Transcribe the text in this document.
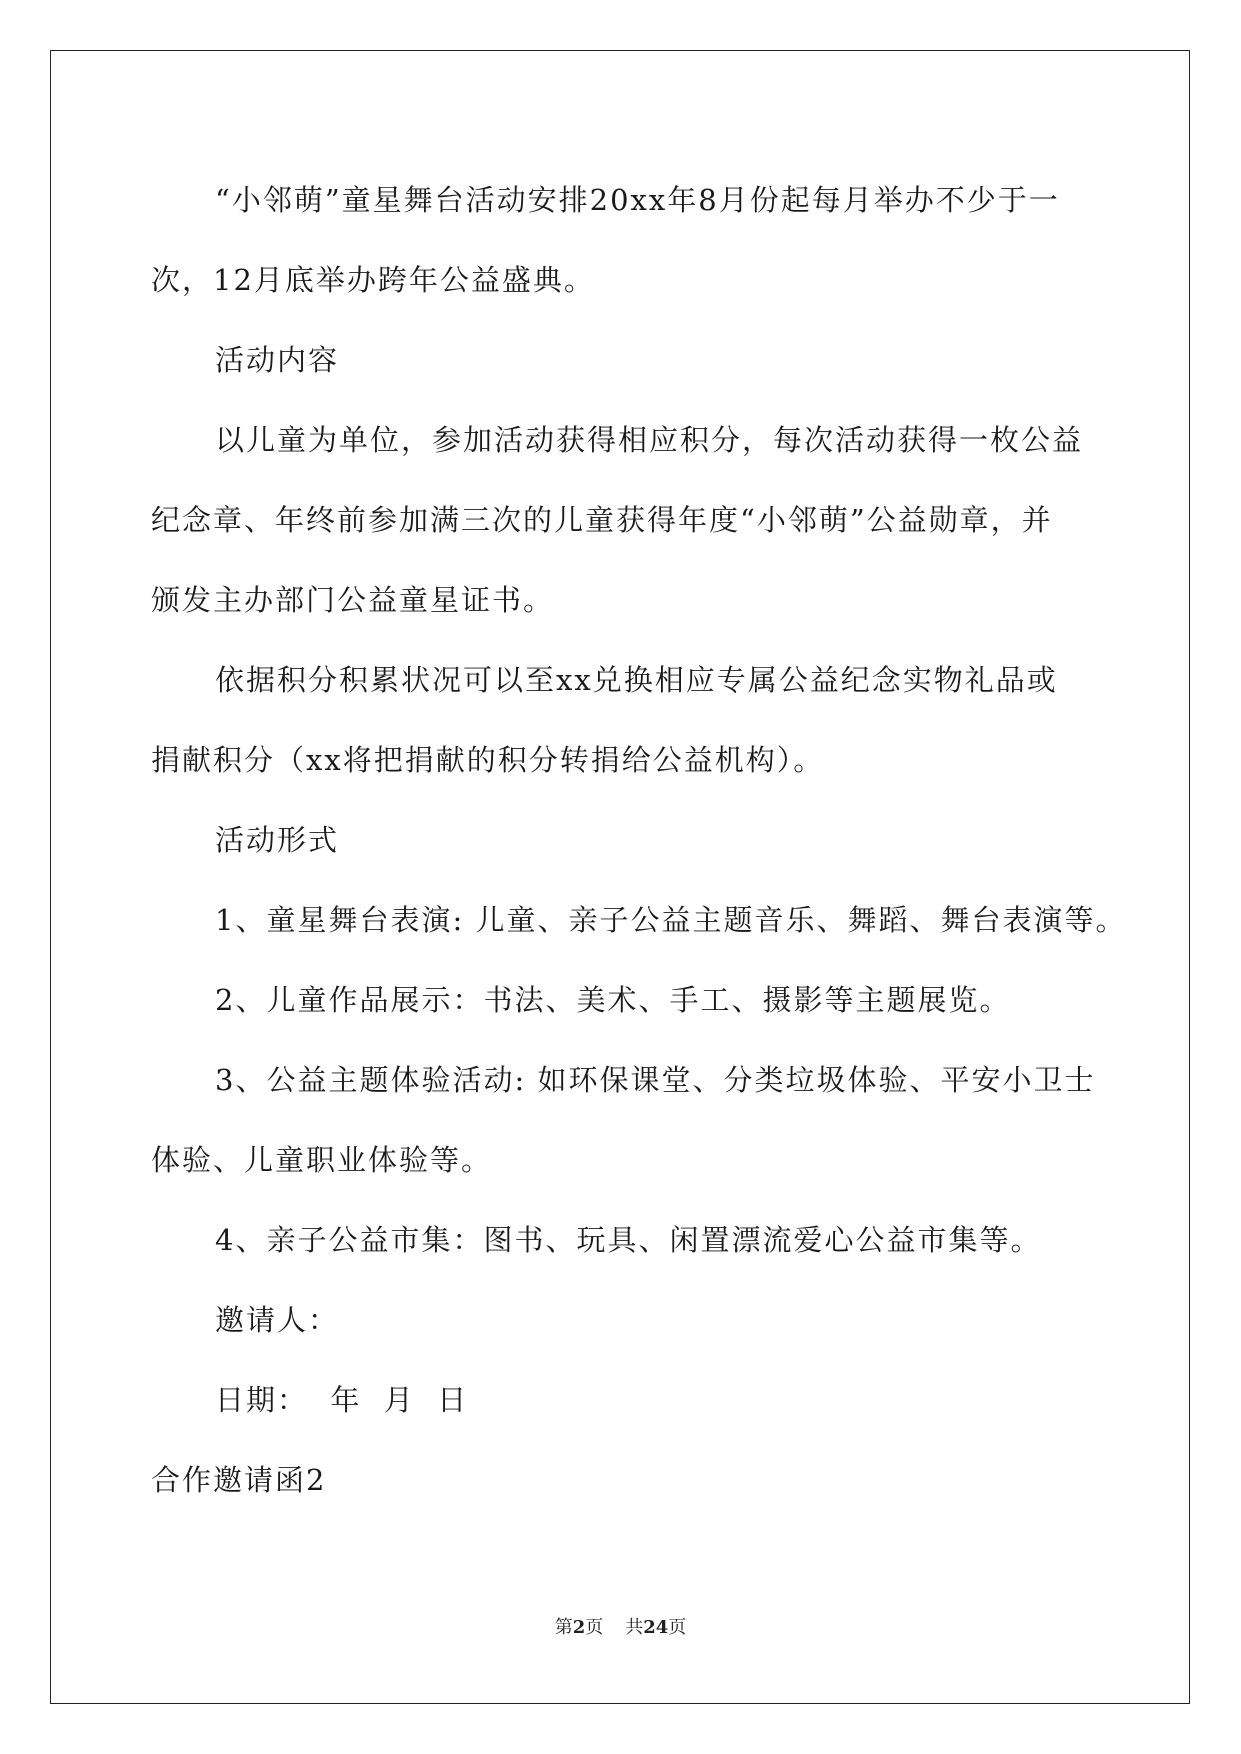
“小邻萌”童星舞台活动安排20xx年8月份起每月举办不少于一

次，12月底举办跨年公益盛典。

活动内容

以儿童为单位，参加活动获得相应积分，每次活动获得一枚公益

纪念章、年终前参加满三次的儿童获得年度“小邻萌”公益勋章，并

颁发主办部门公益童星证书。

依据积分积累状况可以至xx兑换相应专属公益纪念实物礼品或

捐献积分（xx将把捐献的积分转捐给公益机构）。

活动形式

1、童星舞台表演: 儿童、亲子公益主题音乐、舞蹈、舞台表演等。

2、儿童作品展示：书法、美术、手工、摄影等主题展览。

3、公益主题体验活动: 如环保课堂、分类垃圾体验、平安小卫士

体验、儿童职业体验等。

4、亲子公益市集：图书、玩具、闲置漂流爱心公益市集等。

邀请人：

日期：  年  月  日

合作邀请函2

第2页 共24页
